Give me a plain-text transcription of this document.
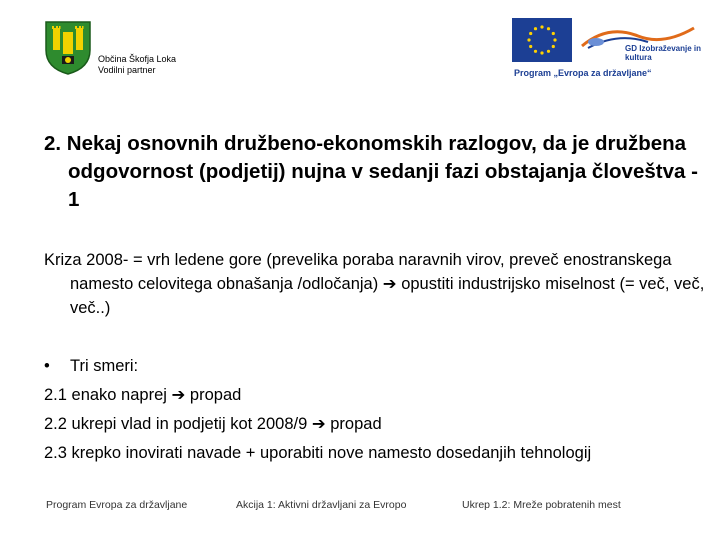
Občina Škofja Loka
Vodilni partner
GD Izobraževanje in kultura
Program „Evropa za državljane“
2. Nekaj osnovnih družbeno-ekonomskih razlogov, da je družbena odgovornost (podjetij) nujna v sedanji fazi obstajanja človeštva - 1

Kriza 2008- = vrh ledene gore (prevelika poraba naravnih virov, preveč enostranskega namesto celovitega obnašanja /odločanja) ➔ opustiti industrijsko miselnost (= več, več, več..)

• Tri smeri:
2.1 enako naprej ➔ propad
2.2 ukrepi vlad in podjetij kot 2008/9 ➔ propad

2.3 krepko inovirati navade + uporabiti nove namesto dosedanjih tehnologij

Program Evropa za državljane	Akcija 1: Aktivni državljani za Evropo	Ukrep 1.2: Mreže pobratenih mest
